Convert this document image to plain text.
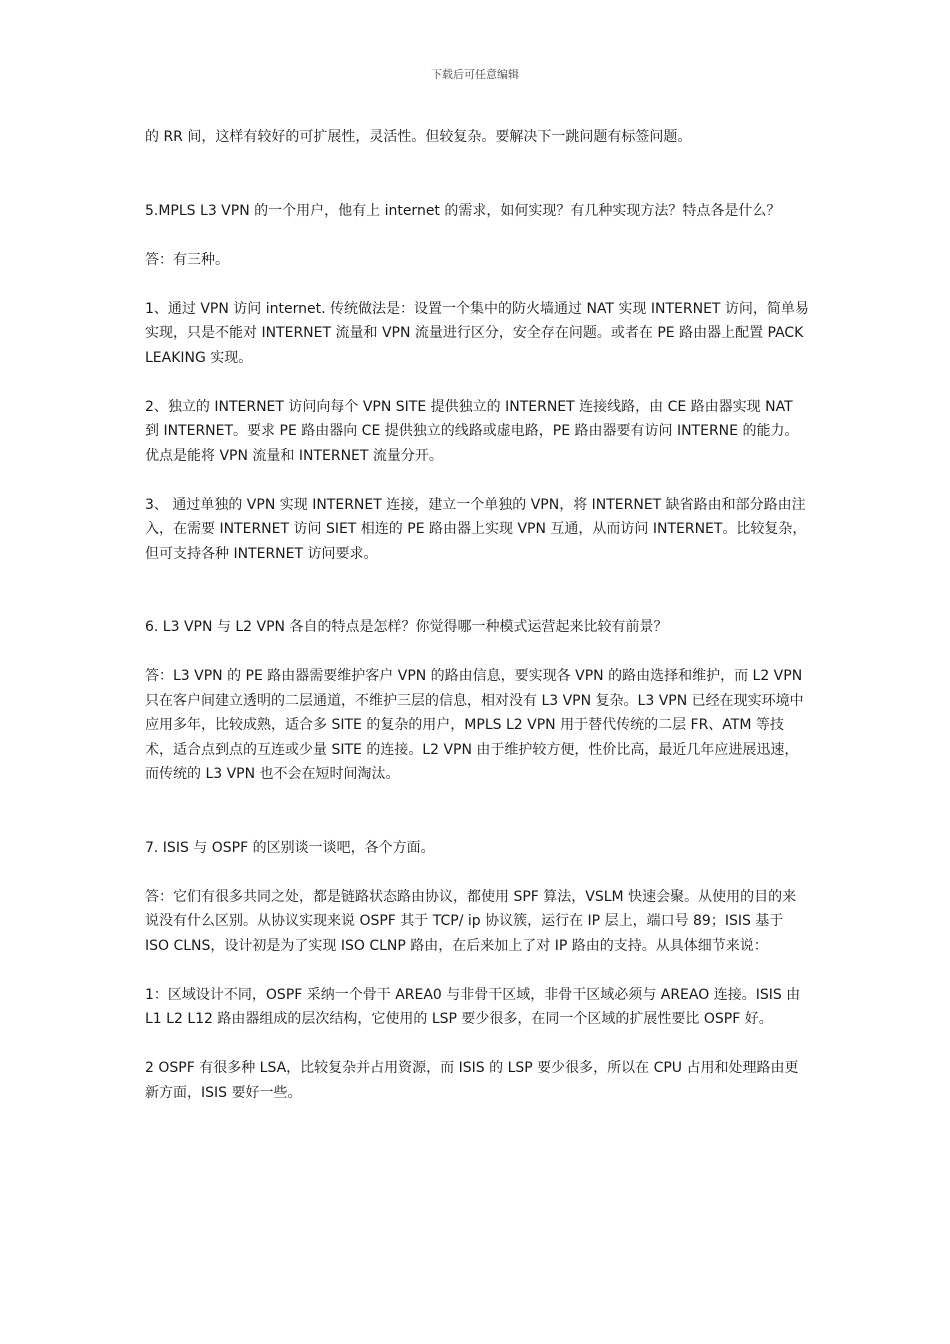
下载后可任意编辑

的 RR 间，这样有较好的可扩展性，灵活性。但较复杂。要解决下一跳问题有标签问题。

5.MPLS L3 VPN 的一个用户，他有上 internet 的需求，如何实现？有几种实现方法？特点各是什么？

答：有三种。

1、通过 VPN 访问 internet. 传统做法是：设置一个集中的防火墙通过 NAT 实现 INTERNET 访问，简单易实现，只是不能对 INTERNET 流量和 VPN 流量进行区分，安全存在问题。或者在 PE 路由器上配置 PACK LEAKING 实现。

2、独立的 INTERNET 访问向每个 VPN SITE 提供独立的 INTERNET 连接线路，由 CE 路由器实现 NAT 到 INTERNET。要求 PE 路由器向 CE 提供独立的线路或虚电路，PE 路由器要有访问 INTERNE 的能力。优点是能将 VPN 流量和 INTERNET 流量分开。

3、 通过单独的 VPN 实现 INTERNET 连接，建立一个单独的 VPN，将 INTERNET 缺省路由和部分路由注入，在需要 INTERNET 访问 SIET 相连的 PE 路由器上实现 VPN 互通，从而访问 INTERNET。比较复杂，但可支持各种 INTERNET 访问要求。

6. L3 VPN 与 L2 VPN 各自的特点是怎样？你觉得哪一种模式运营起来比较有前景？

答：L3 VPN 的 PE 路由器需要维护客户 VPN 的路由信息，要实现各 VPN 的路由选择和维护，而 L2 VPN 只在客户间建立透明的二层通道，不维护三层的信息，相对没有 L3 VPN 复杂。L3 VPN 已经在现实环境中应用多年，比较成熟，适合多 SITE 的复杂的用户，MPLS L2 VPN 用于替代传统的二层 FR、ATM 等技术，适合点到点的互连或少量 SITE 的连接。L2 VPN 由于维护较方便，性价比高，最近几年应进展迅速，而传统的 L3 VPN 也不会在短时间淘汰。

7. ISIS 与 OSPF 的区别谈一谈吧，各个方面。

答：它们有很多共同之处，都是链路状态路由协议，都使用 SPF 算法，VSLM 快速会聚。从使用的目的来说没有什么区别。从协议实现来说 OSPF 其于 TCP/ ip 协议簇，运行在 IP 层上，端口号 89；ISIS 基于 ISO CLNS，设计初是为了实现 ISO CLNP 路由，在后来加上了对 IP 路由的支持。从具体细节来说：

1：区域设计不同，OSPF 采纳一个骨干 AREA0 与非骨干区域，非骨干区域必须与 AREAO 连接。ISIS 由 L1 L2 L12 路由器组成的层次结构，它使用的 LSP 要少很多，在同一个区域的扩展性要比 OSPF 好。

2 OSPF 有很多种 LSA，比较复杂并占用资源，而 ISIS 的 LSP 要少很多，所以在 CPU 占用和处理路由更新方面，ISIS 要好一些。
